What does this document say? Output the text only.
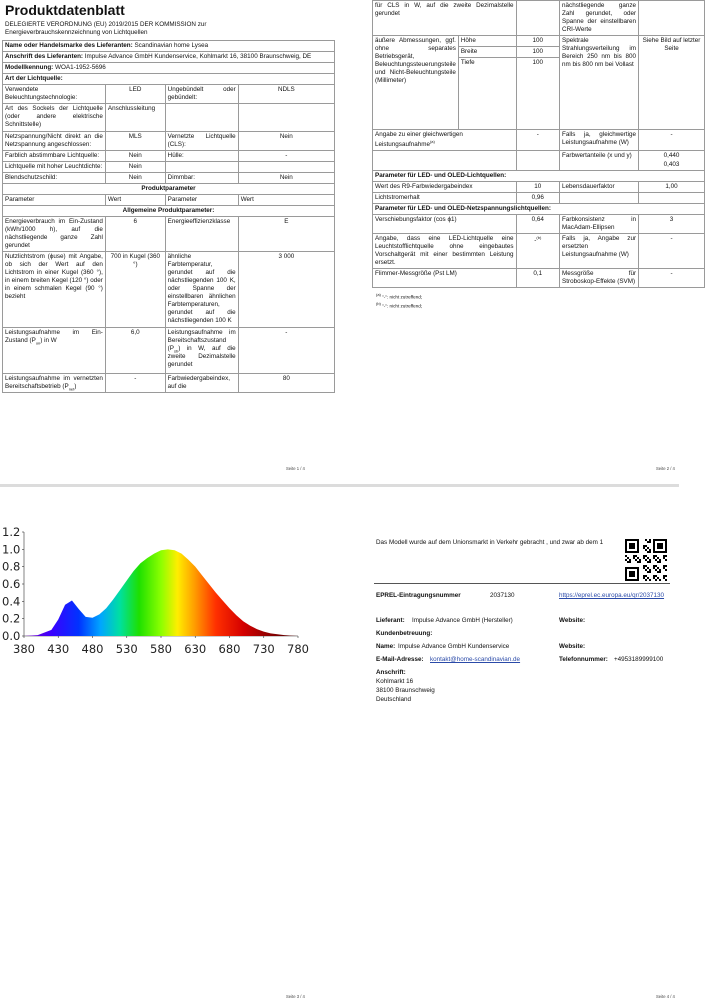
Produktdatenblatt
DELEGIERTE VERORDNUNG (EU) 2019/2015 DER KOMMISSION zur
Energieverbrauchskennzeichnung von Lichtquellen
Name oder Handelsmarke des Lieferanten: Scandinavian home Lysea			
Anschrift des Lieferanten: Impulse Advance GmbH Kundenservice, Kohlmarkt 16, 38100 Braunschweig, DE			
Modellkennung: WOA1-1952-5696			
Art der Lichtquelle:			
Verwendete Beleuchtungstechnologie:	LED	Ungebündelt oder gebündelt:	NDLS
Art des Sockels der Lichtquelle (oder andere elektrische Schnittstelle)	Anschlussleitung		
Netzspannung/Nicht direkt an die Netzspannung angeschlossen:	MLS	Vernetzte Lichtquelle (CLS):	Nein
Farblich abstimmbare Lichtquelle:	Nein	Hülle:	-
Lichtquelle mit hoher Leuchtdichte:	Nein		
Blendschutzschild:	Nein	Dimmbar:	Nein
Produktparameter			
Parameter	Wert	Parameter	Wert
Allgemeine Produktparameter:			
Energieverbrauch im Ein-Zustand (kWh/1000 h), auf die nächstliegende ganze Zahl gerundet	6	Energieeffizienzklasse	E
Nutzlichtstrom (ϕuse) mit Angabe, ob sich der Wert auf den Lichtstrom in einer Kugel (360 °), in einem breiten Kegel (120 °) oder in einem schmalen Kegel (90 °) bezieht	700 in Kugel (360 °)	ähnliche Farbtemperatur, gerundet auf die nächstliegenden 100 K, oder Spanne der einstellbaren ähnlichen Farbtemperaturen, gerundet auf die nächstliegenden 100 K	3 000
Leistungsaufnahme im Ein-Zustand $(P_{on})$ in W	6,0	Leistungsaufnahme im Bereitschaftszustand $(P_{sb})$ in W, auf die zweite Dezimalstelle gerundet	-
Leistungsaufnahme im vernetzten Bereitschaftsbetrieb $(P_{net})$	-	Farbwiedergabeindex, auf die	80
Seite 1 / 4
für CLS in W, auf die zweite Dezimalstelle gerundet			nächstliegende ganze Zahl gerundet, oder Spanne der einstellbaren CRI-Werte	
äußere Abmessungen, ggf. ohne separates Betriebsgerät, Beleuchtungssteuerungsteile und Nicht-Beleuchtungsteile (Millimeter)	Höhe	100	Spektrale Strahlungsverteilung im Bereich 250 nm bis 800 nm bis 800 nm bei Vollast	Siehe Bild auf letzter Seite
	Breite	100		
	Tiefe	100		
Angabe zu einer gleichwertigen Leistungsaufnahme$^{(a)}$		-	Falls ja, gleichwertige Leistungsaufnahme (W)	-
			Farbwertanteile (x und y)	0,440
0,403

Parameter für LED- und OLED-Lichtquellen:				
Wert des R9-Farbwiedergabeindex		10	Lebensdauerfaktor	1,00
Lichtstromerhalt		0,96		
Parameter für LED- und OLED-Netzspannungslichtquellen:				
Verschiebungsfaktor (cos ϕ1)		0,64	Farbkonsistenz in MacAdam-Ellipsen	3
Angabe, dass eine LED-Lichtquelle eine Leuchtstofflichtquelle ohne eingebautes Vorschaltgerät mit einer bestimmten Leistung ersetzt.		-$^{(b)}$	Falls ja, Angabe zur ersetzten Leistungsaufnahme (W)	-
Flimmer-Messgröße (Pst LM)		0,1	Messgröße für Stroboskop-Effekte (SVM)	-
$^{(a)}$ "-": nicht zutreffend;
$^{(b)}$ "-": nicht zutreffend;
Seite 2 / 4
0.0
0.2
0.4
0.6
0.8
1.0
1.2
380 430 480 530 580 630 680 730 780
Seite 3 / 4
Das Modell wurde auf dem Unionsmarkt in Verkehr gebracht , und zwar ab dem 1
EPREL-Eintragungsnummer	2037130	https://eprel.ec.europa.eu/qr/2037130
Lieferant: Impulse Advance GmbH (Hersteller)	Website:
Kundenbetreuung:
Name: Impulse Advance GmbH Kundenservice	Website:
E-Mail-Adresse: kontakt@home-scandinavian.de	Telefonnummer: +4953189999100
Anschrift:
Kohlmarkt 16
38100 Braunschweig
Deutschland
Seite 4 / 4
